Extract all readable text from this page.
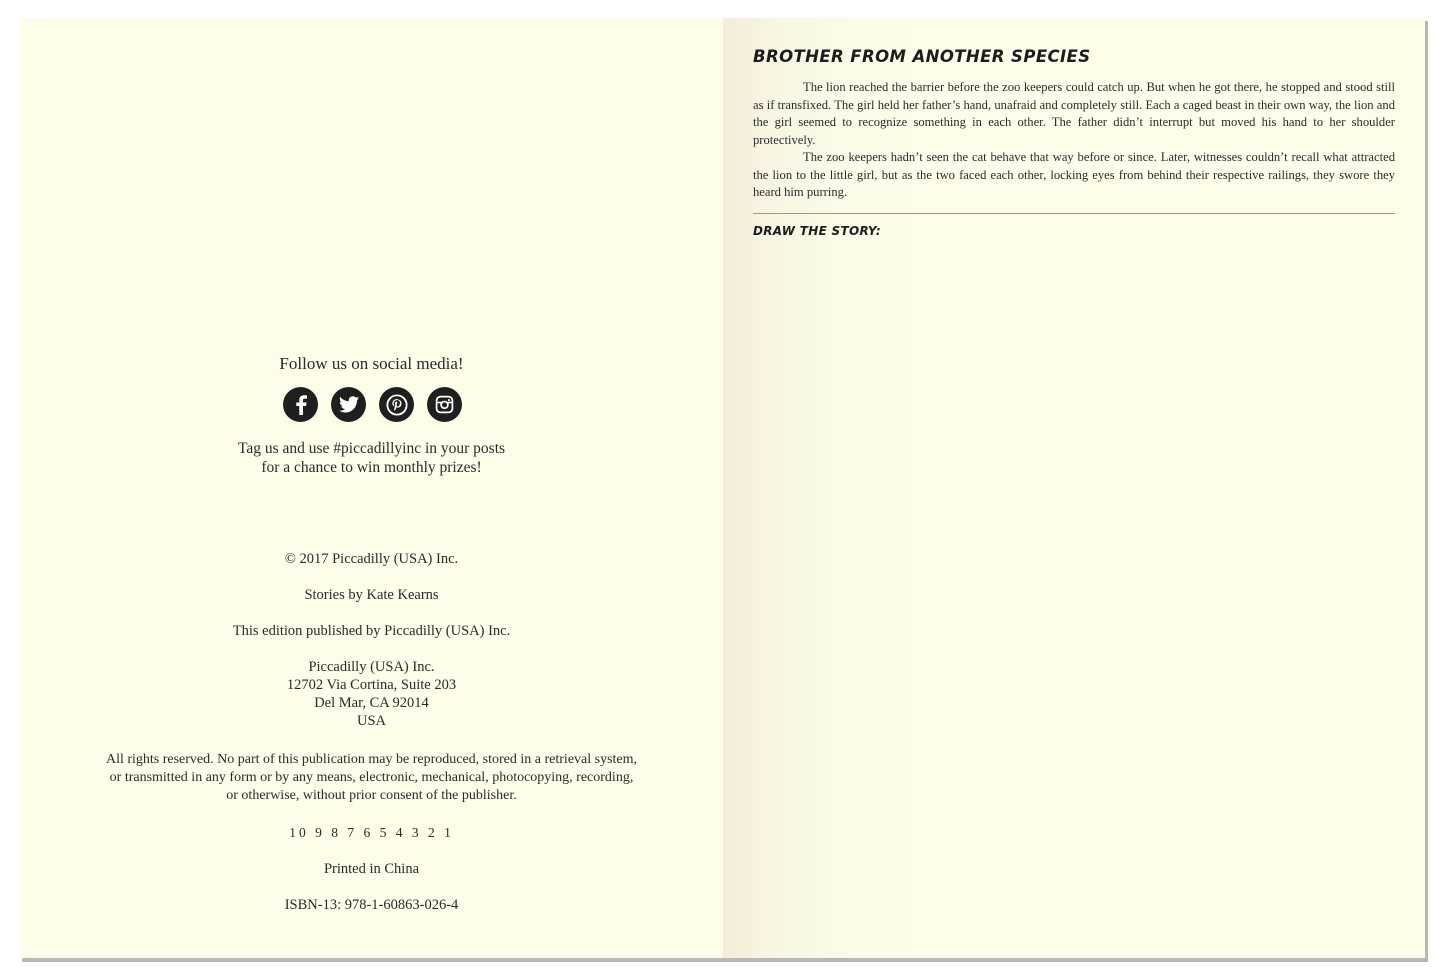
Follow us on social media!
Tag us and use #piccadillyinc in your posts
for a chance to win monthly prizes!

© 2017 Piccadilly (USA) Inc.

Stories by Kate Kearns

This edition published by Piccadilly (USA) Inc.

Piccadilly (USA) Inc.

12702 Via Cortina, Suite 203

Del Mar, CA 92014

USA

All rights reserved. No part of this publication may be reproduced, stored in a retrieval system,
or transmitted in any form or by any means, electronic, mechanical, photocopying, recording,
or otherwise, without prior consent of the publisher.
10 9 8 7 6 5 4 3 2 1
Printed in China
ISBN-13: 978-1-60863-026-4
BROTHER FROM ANOTHER SPECIES

The lion reached the barrier before the zoo keepers could catch up. But when he got there, he stopped and stood still as if transfixed. The girl held her father’s hand, unafraid and completely still. Each a caged beast in their own way, the lion and the girl seemed to recognize something in each other. The father didn’t interrupt but moved his hand to her shoulder protectively.

The zoo keepers hadn’t seen the cat behave that way before or since. Later, witnesses couldn’t recall what attracted the lion to the little girl, but as the two faced each other, locking eyes from behind their respective railings, they swore they heard him purring.

DRAW THE STORY:
